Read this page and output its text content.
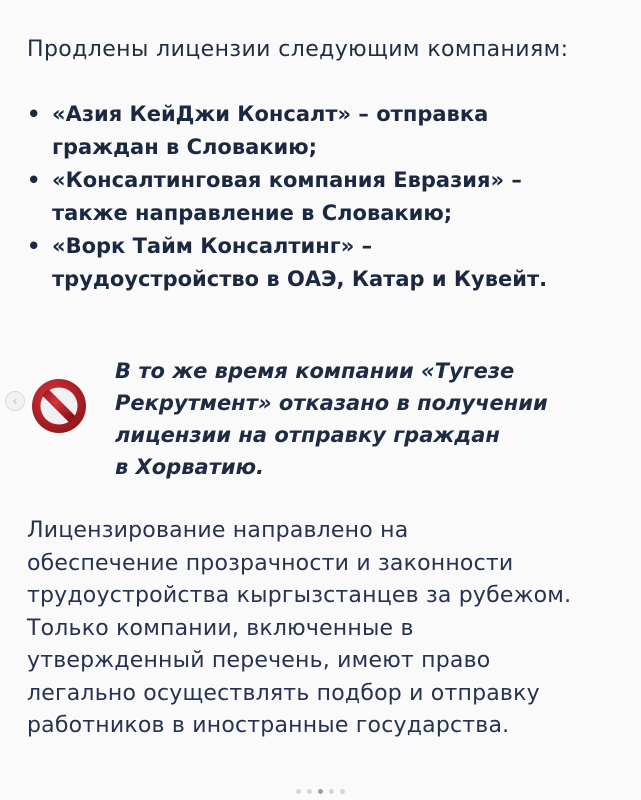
Продлены лицензии следующим компаниям:
• «Азия КейДжи Консалт» – отправка
граждан в Словакию;
• «Консалтинговая компания Евразия» –
также направление в Словакию;
• «Ворк Тайм Консалтинг» –
трудоустройство в ОАЭ, Катар и Кувейт.
‹
В то же время компании «Тугезе
Рекрутмент» отказано в получении
лицензии на отправку граждан
в Хорватию.
Лицензирование направлено на
обеспечение прозрачности и законности
трудоустройства кыргызстанцев за рубежом.
Только компании, включенные в
утвержденный перечень, имеют право
легально осуществлять подбор и отправку
работников в иностранные государства.
